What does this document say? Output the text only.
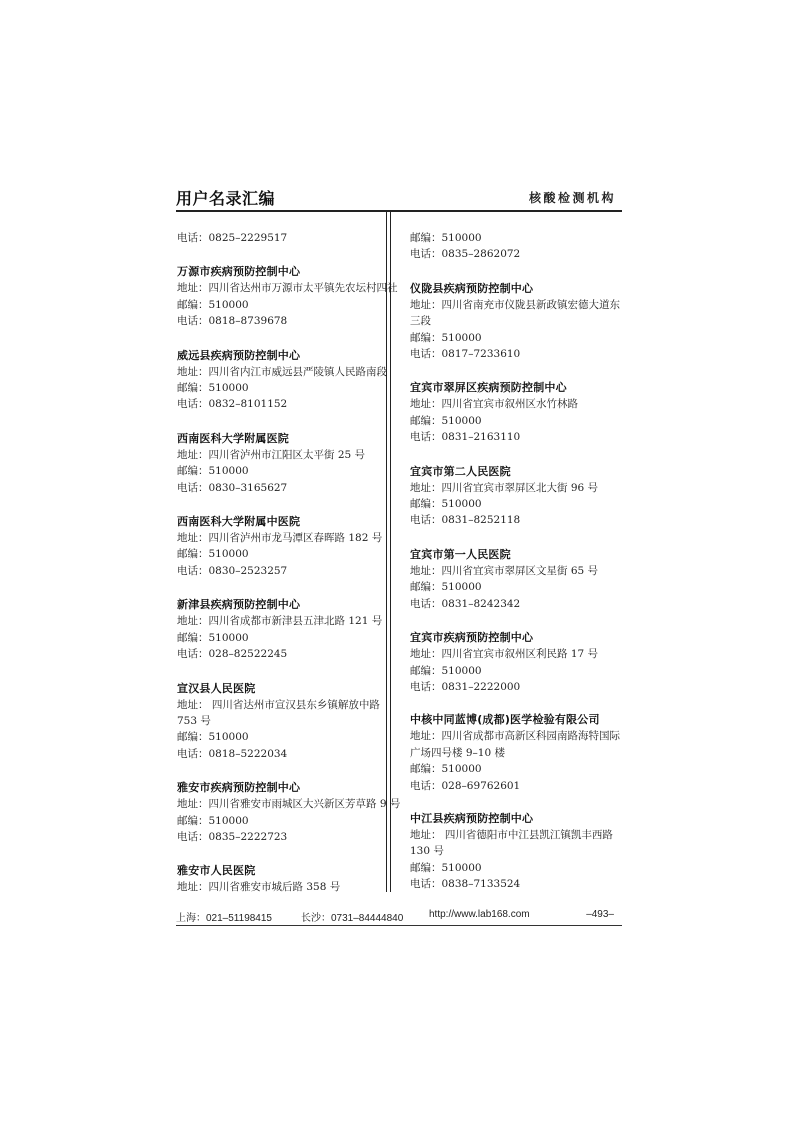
用户名录汇编	核酸检测机构
电话：0825–2229517
万源市疾病预防控制中心
地址：四川省达州市万源市太平镇先农坛村四社
邮编：510000
电话：0818–8739678
威远县疾病预防控制中心
地址：四川省内江市威远县严陵镇人民路南段
邮编：510000
电话：0832–8101152
西南医科大学附属医院
地址：四川省泸州市江阳区太平街 25 号
邮编：510000
电话：0830–3165627
西南医科大学附属中医院
地址：四川省泸州市龙马潭区春晖路 182 号
邮编：510000
电话：0830–2523257
新津县疾病预防控制中心
地址：四川省成都市新津县五津北路 121 号
邮编：510000
电话：028–82522245
宣汉县人民医院
地址： 四川省达州市宣汉县东乡镇解放中路
753 号
邮编：510000
电话：0818–5222034
雅安市疾病预防控制中心
地址：四川省雅安市雨城区大兴新区芳草路 9 号
邮编：510000
电话：0835–2222723
雅安市人民医院
地址：四川省雅安市城后路 358 号
邮编：510000
电话：0835–2862072
仪陇县疾病预防控制中心
地址：四川省南充市仪陇县新政镇宏德大道东
三段
邮编：510000
电话：0817–7233610
宜宾市翠屏区疾病预防控制中心
地址：四川省宜宾市叙州区水竹林路
邮编：510000
电话：0831–2163110
宜宾市第二人民医院
地址：四川省宜宾市翠屏区北大街 96 号
邮编：510000
电话：0831–8252118
宜宾市第一人民医院
地址：四川省宜宾市翠屏区文星街 65 号
邮编：510000
电话：0831–8242342
宜宾市疾病预防控制中心
地址：四川省宜宾市叙州区利民路 17 号
邮编：510000
电话：0831–2222000
中核中同蓝博(成都)医学检验有限公司
地址：四川省成都市高新区科园南路海特国际
广场四号楼 9–10 楼
邮编：510000
电话：028–69762601
中江县疾病预防控制中心
地址： 四川省德阳市中江县凯江镇凯丰西路
130 号
邮编：510000
电话：0838–7133524
上海：021–51198415	长沙：0731–84444840	http://www.lab168.com	–493–
